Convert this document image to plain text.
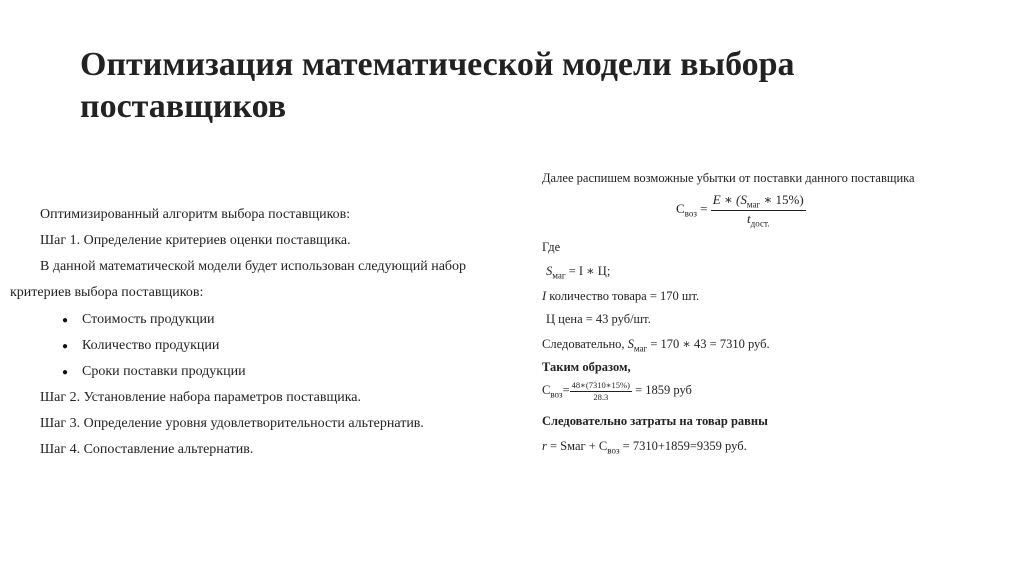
Оптимизация математической модели выбора поставщиков
Оптимизированный алгоритм выбора поставщиков:
Шаг 1. Определение критериев оценки поставщика.
В данной математической модели будет использован следующий набор
критериев выбора поставщиков:
● Стоимость продукции
● Количество продукции
● Сроки поставки продукции
Шаг 2. Установление набора параметров поставщика.
Шаг 3. Определение уровня удовлетворительности альтернатив.
Шаг 4. Сопоставление альтернатив.
Далее распишем возможные убытки от поставки данного поставщика
$С_{воз} = \frac{E ∗ (S_{маг} ∗ 15\%)}{t_{дост.}}$
Где
$S_{маг} = I$ ∗ Ц;
I количество товара = 170 шт.
Ц цена = 43 руб/шт.
Следовательно, $S_{маг} = 170$ ∗ 43 = 7310 руб.
Таким образом,
$С_{воз}= \frac{48∗(7310∗15\%)}{28.3} = 1859$ руб
Следовательно затраты на товар равны
r = Sмаг + $С_{воз} = 7310+1859=9359$ руб.
